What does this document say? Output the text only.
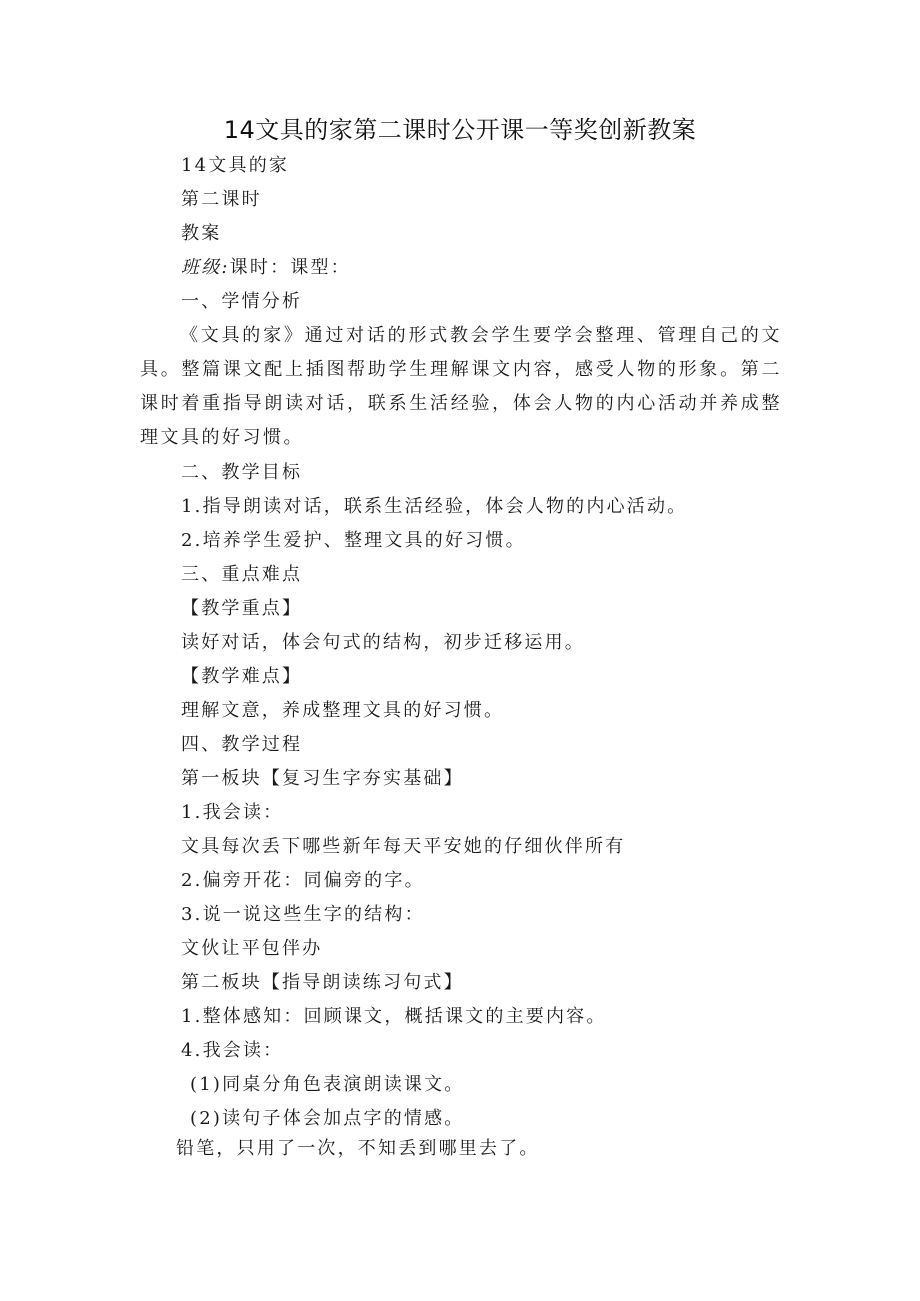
14文具的家第二课时公开课一等奖创新教案
14文具的家
第二课时
教案
班级:课时：课型：
一、学情分析
《文具的家》通过对话的形式教会学生要学会整理、管理自己的文具。整篇课文配上插图帮助学生理解课文内容，感受人物的形象。第二课时着重指导朗读对话，联系生活经验，体会人物的内心活动并养成整理文具的好习惯。
二、教学目标
1.指导朗读对话，联系生活经验，体会人物的内心活动。
2.培养学生爱护、整理文具的好习惯。
三、重点难点
【教学重点】
读好对话，体会句式的结构，初步迁移运用。
【教学难点】
理解文意，养成整理文具的好习惯。
四、教学过程
第一板块【复习生字夯实基础】
1.我会读：
文具每次丢下哪些新年每天平安她的仔细伙伴所有
2.偏旁开花：同偏旁的字。
3.说一说这些生字的结构：
文伙让平包伴办
第二板块【指导朗读练习句式】
1.整体感知：回顾课文，概括课文的主要内容。
4.我会读：
(1)同桌分角色表演朗读课文。
(2)读句子体会加点字的情感。
铅笔，只用了一次，不知丢到哪里去了。
